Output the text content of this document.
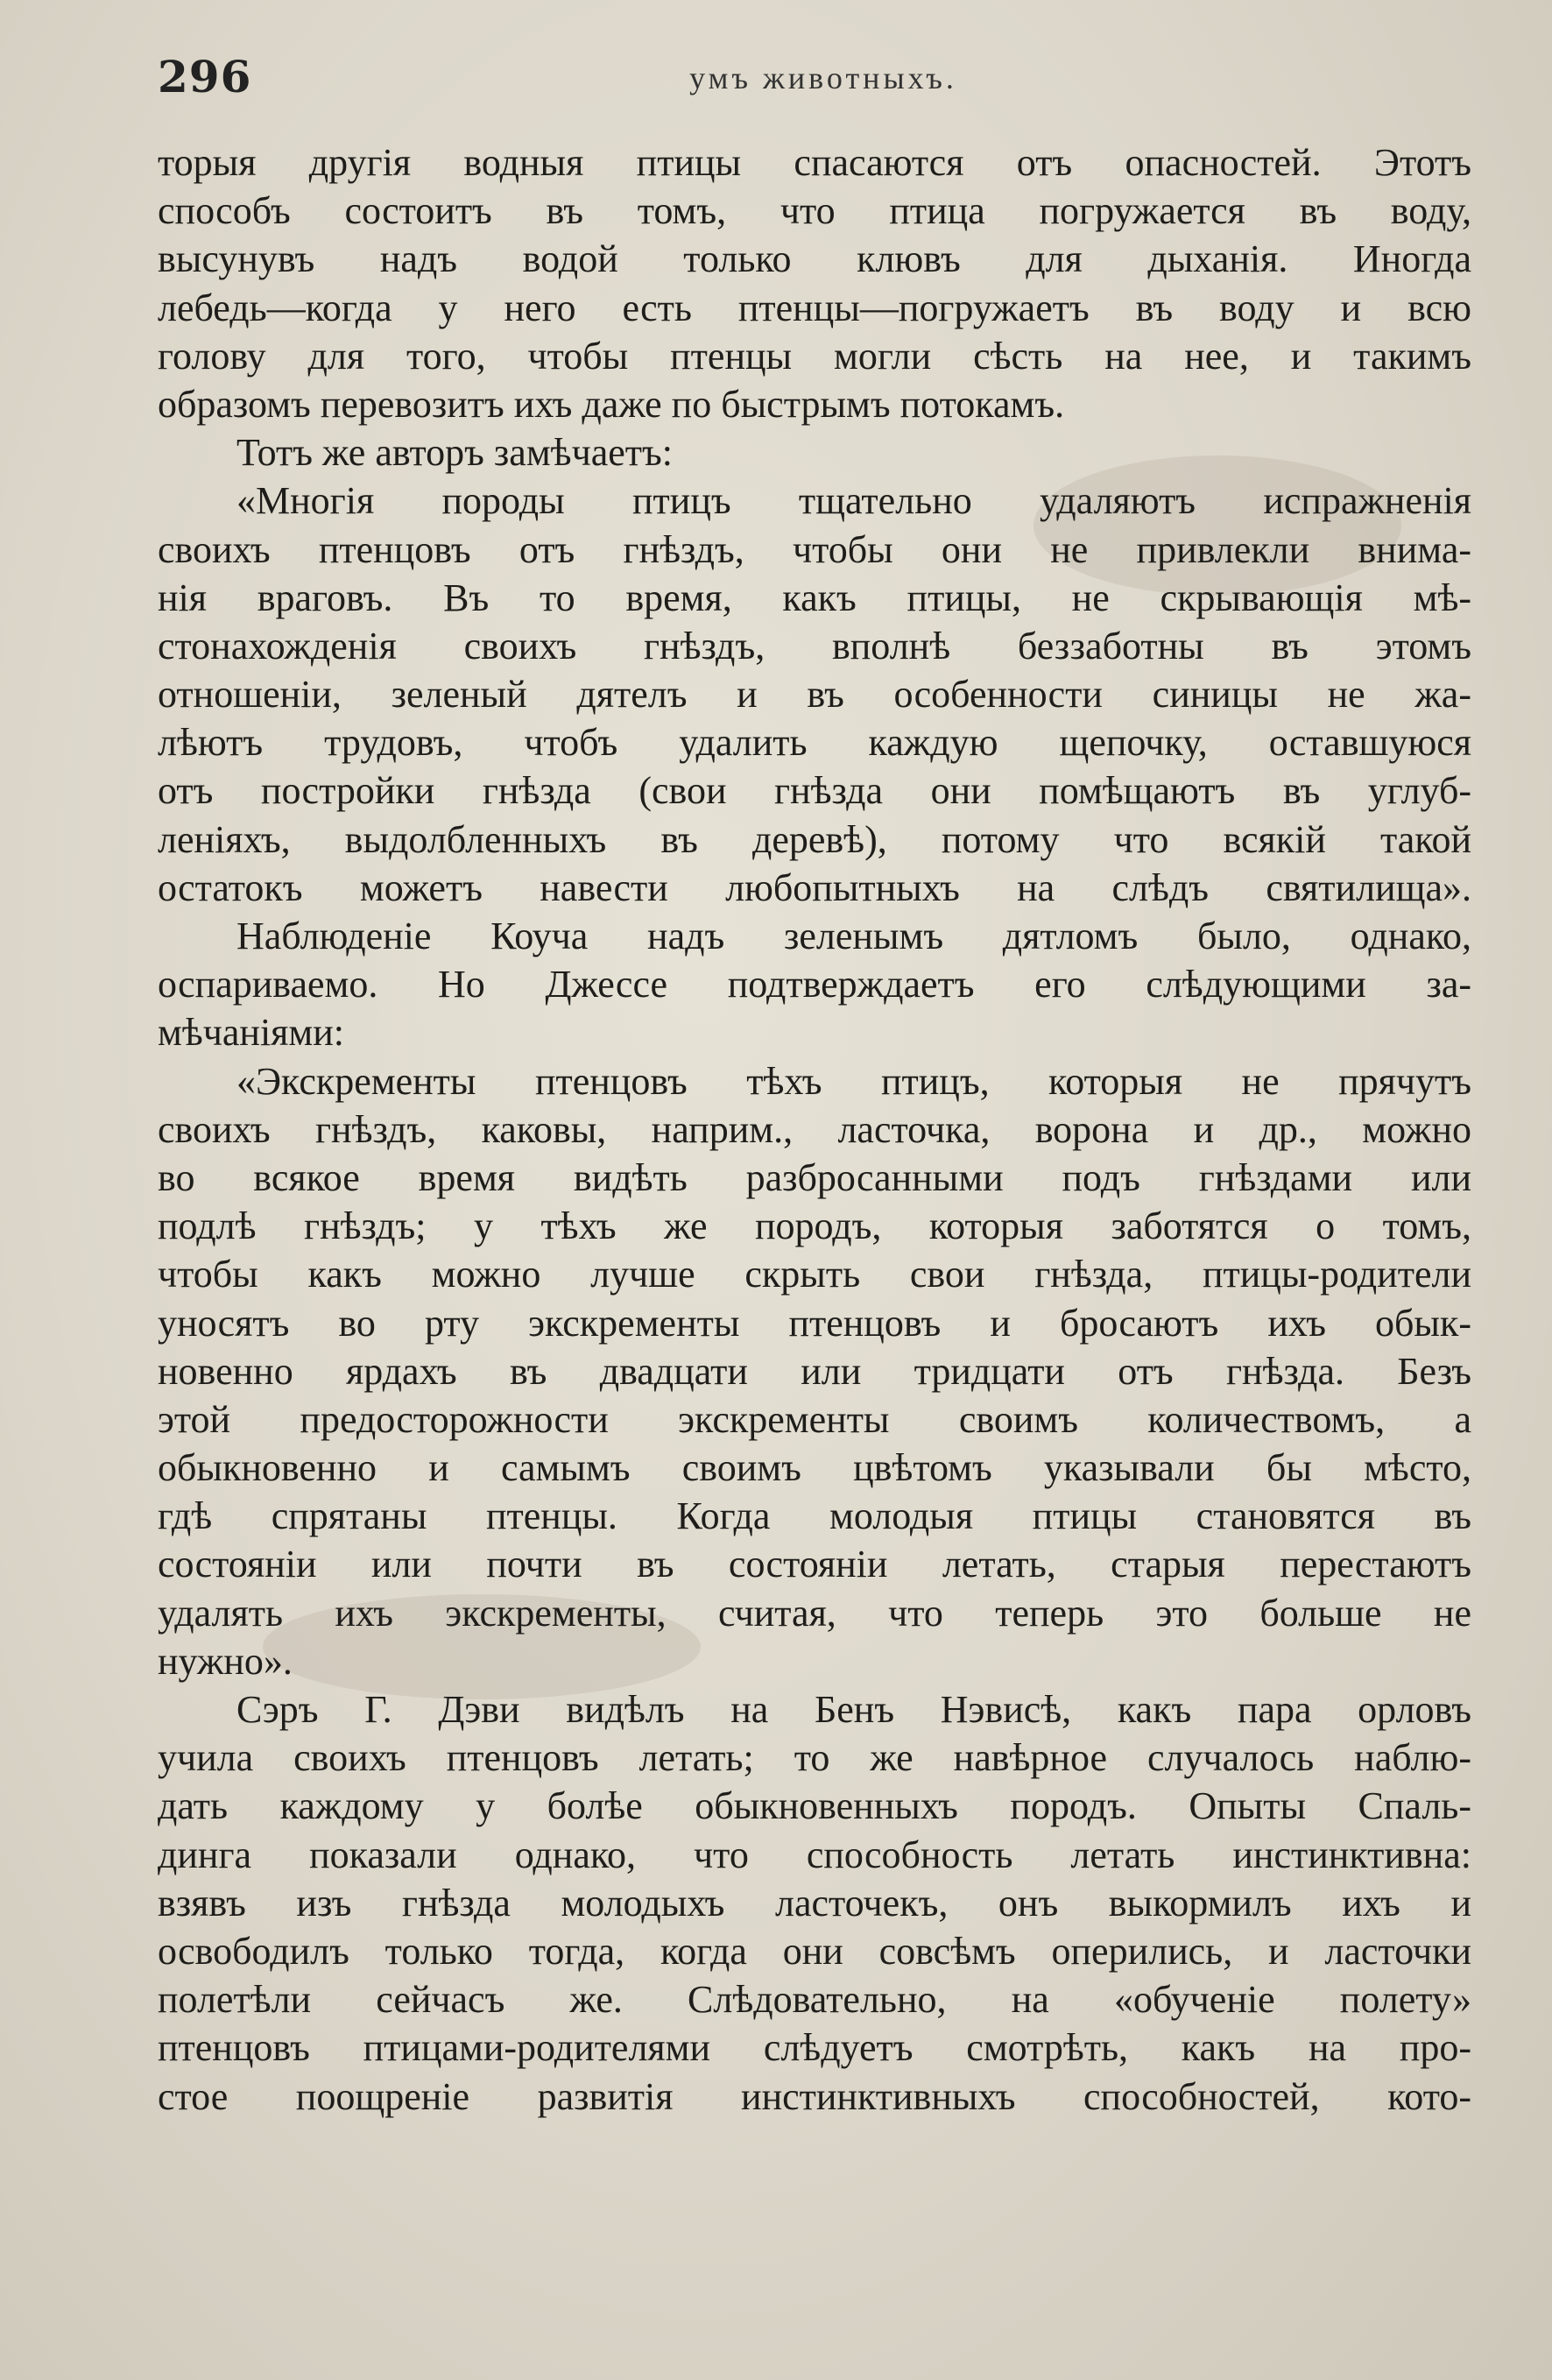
296	умъ животныхъ.
торыя другія водныя птицы спасаются отъ опасностей. Этотъ
способъ состоитъ въ томъ, что птица погружается въ воду,
высунувъ надъ водой только клювъ для дыханія. Иногда
лебедь—когда у него есть птенцы—погружаетъ въ воду и всю
голову для того, чтобы птенцы могли сѣсть на нее, и такимъ
образомъ перевозитъ ихъ даже по быстрымъ потокамъ.
Тотъ же авторъ замѣчаетъ:
«Многія породы птицъ тщательно удаляютъ испражненія
своихъ птенцовъ отъ гнѣздъ, чтобы они не привлекли внима-
нія враговъ. Въ то время, какъ птицы, не скрывающія мѣ-
стонахожденія своихъ гнѣздъ, вполнѣ беззаботны въ этомъ
отношеніи, зеленый дятелъ и въ особенности синицы не жа-
лѣютъ трудовъ, чтобъ удалить каждую щепочку, оставшуюся
отъ постройки гнѣзда (свои гнѣзда они помѣщаютъ въ углуб-
леніяхъ, выдолбленныхъ въ деревѣ), потому что всякій такой
остатокъ можетъ навести любопытныхъ на слѣдъ святилища».
Наблюденіе Коуча надъ зеленымъ дятломъ было, однако,
оспариваемо. Но Джессе подтверждаетъ его слѣдующими за-
мѣчаніями:
«Экскременты птенцовъ тѣхъ птицъ, которыя не прячутъ
своихъ гнѣздъ, каковы, наприм., ласточка, ворона и др., можно
во всякое время видѣть разбросанными подъ гнѣздами или
подлѣ гнѣздъ; у тѣхъ же породъ, которыя заботятся о томъ,
чтобы какъ можно лучше скрыть свои гнѣзда, птицы-родители
уносятъ во рту экскременты птенцовъ и бросаютъ ихъ обык-
новенно ярдахъ въ двадцати или тридцати отъ гнѣзда. Безъ
этой предосторожности экскременты своимъ количествомъ, а
обыкновенно и самымъ своимъ цвѣтомъ указывали бы мѣсто,
гдѣ спрятаны птенцы. Когда молодыя птицы становятся въ
состояніи или почти въ состояніи летать, старыя перестаютъ
удалять ихъ экскременты, считая, что теперь это больше не
нужно».
Сэръ Г. Дэви видѣлъ на Бенъ Нэвисѣ, какъ пара орловъ
учила своихъ птенцовъ летать; то же навѣрное случалось наблю-
дать каждому у болѣе обыкновенныхъ породъ. Опыты Спаль-
динга показали однако, что способность летать инстинктивна:
взявъ изъ гнѣзда молодыхъ ласточекъ, онъ выкормилъ ихъ и
освободилъ только тогда, когда они совсѣмъ оперились, и ласточки
полетѣли сейчасъ же. Слѣдовательно, на «обученіе полету»
птенцовъ птицами-родителями слѣдуетъ смотрѣть, какъ на про-
стое поощреніе развитія инстинктивныхъ способностей, кото-
